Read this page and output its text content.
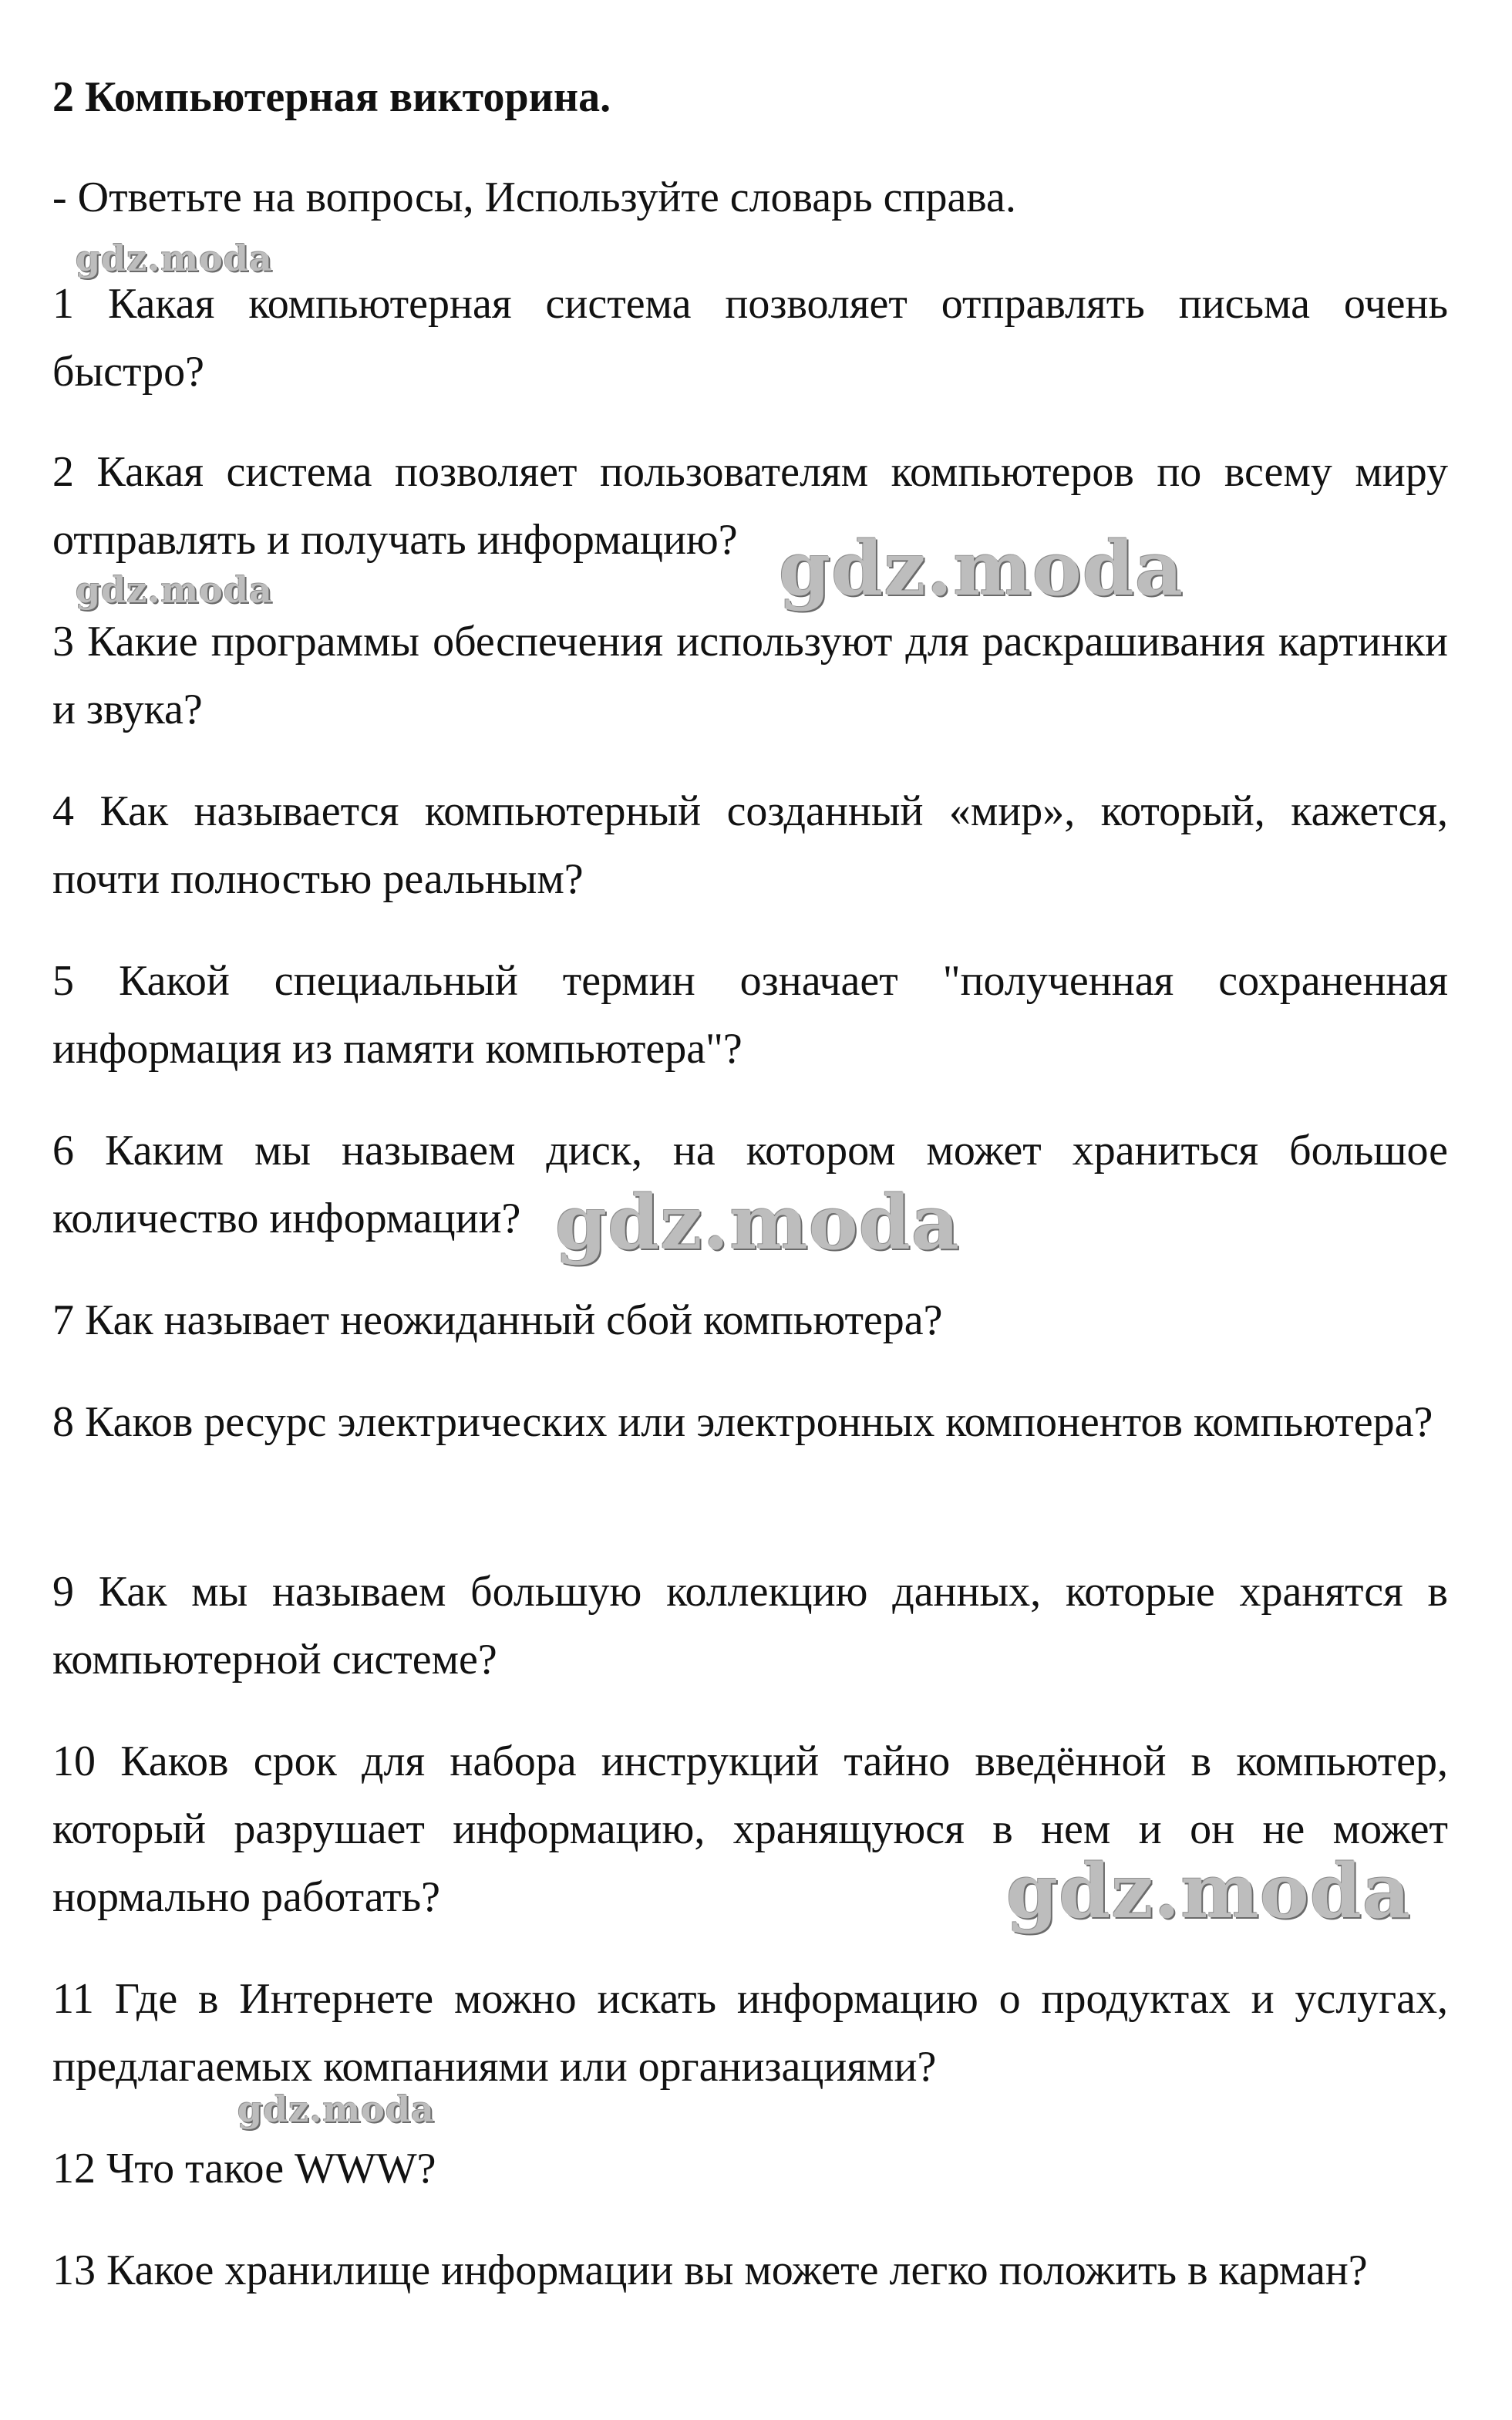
2 Компьютерная викторина.
- Ответьте на вопросы, Используйте словарь справа.

1 Какая компьютерная система позволяет отправлять письма очень быстро?

2 Какая система позволяет пользователям компьютеров по всему миру отправлять и получать информацию?

3 Какие программы обеспечения используют для раскрашивания картинки и звука?

4 Как называется компьютерный созданный «мир», который, кажется, почти полностью реальным?

5 Какой специальный термин означает "полученная сохраненная информация из памяти компьютера"?

6 Каким мы называем диск, на котором может храниться большое количество информации?

7 Как называет неожиданный сбой компьютера?

8 Каков ресурс электрических или электронных компонентов компьютера?

9 Как мы называем большую коллекцию данных, которые хранятся в компьютерной системе?

10 Каков срок для набора инструкций тайно введённой в компьютер, который разрушает информацию, хранящуюся в нем и он не может нормально работать?

11 Где в Интернете можно искать информацию о продуктах и услугах, предлагаемых компаниями или организациями?

12 Что такое WWW?

13 Какое хранилище информации вы можете легко положить в карман?

gdz.moda
gdz.moda	gdz.moda
gdz.moda
gdz.moda
gdz.moda
